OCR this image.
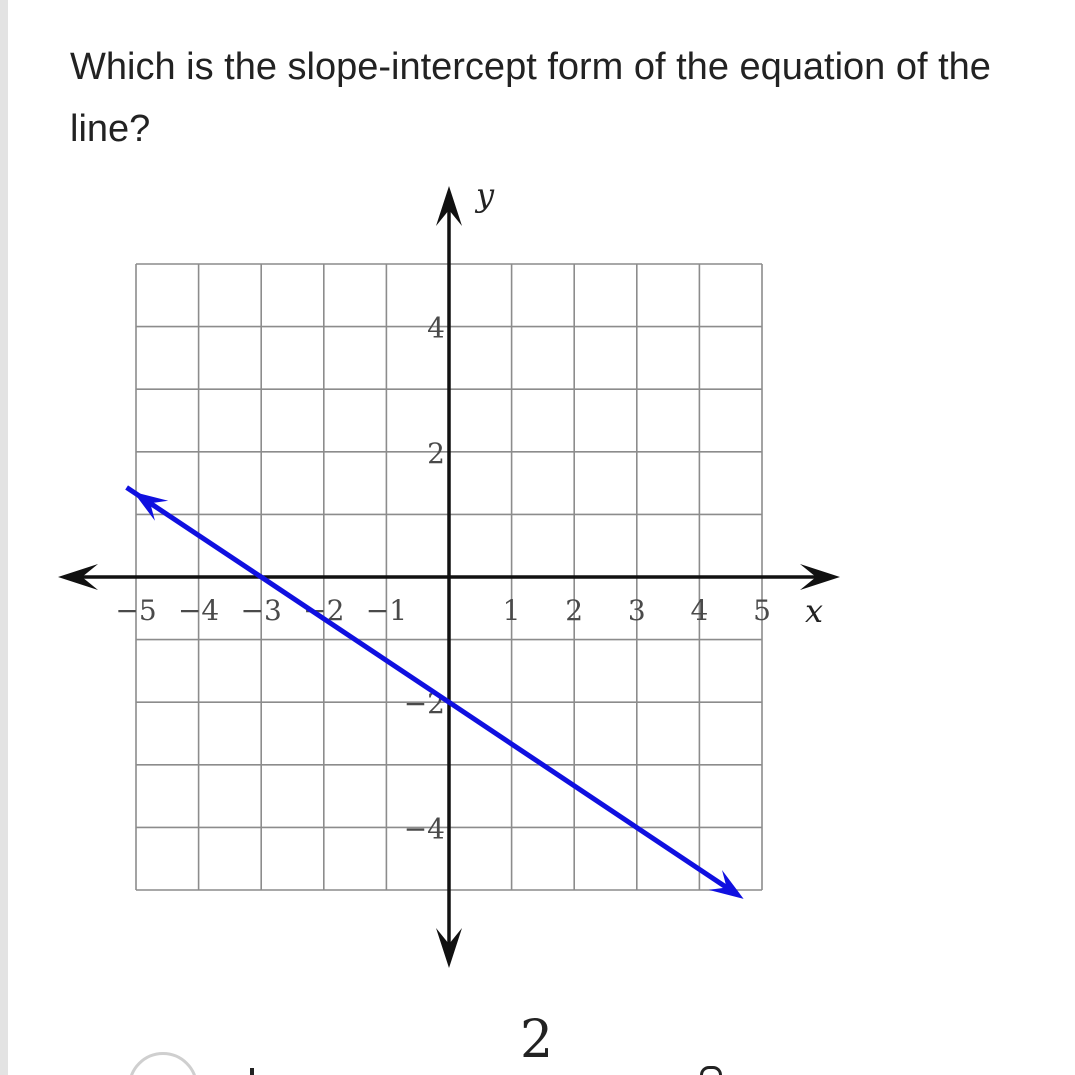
Which is the slope-intercept form of the equation of the line?

−5 −4 −3 −2 −1	1 2 3 4 5
4
2
−2
−4
x
y
2
